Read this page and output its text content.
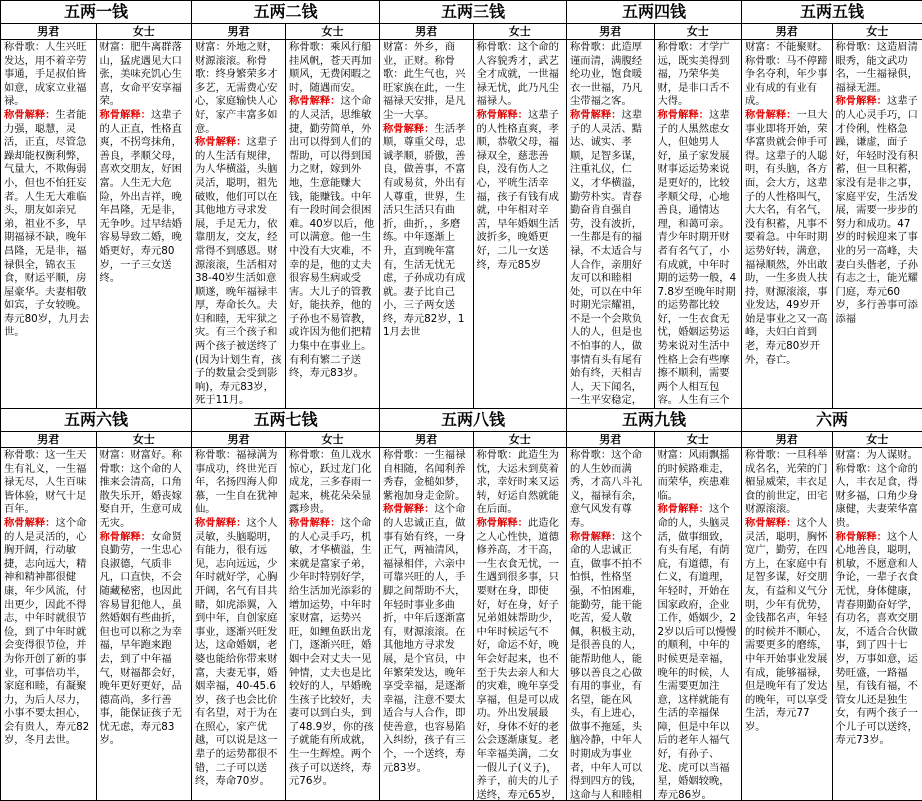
五两一钱
男君

称骨歌：人生兴旺发达，用不着辛劳事通，手足叔伯皆如意，成家立业福禄。

称骨解释：生者能力强，聪慧，灵活，正直，尽管急躁却能权衡利弊，气量大，不欺侮弱小，但也不怕狂妄者。人生无大难临头，朋友如亲兄弟，祖业不多，早期福禄不缺，晚年昌隆，无是非，福禄俱全，锦衣玉食，财运平顺，房屋豪华。夫妻相敬如宾，子女较晚。寿元80岁，九月去世。

女士

财富：肥牛离群落山，猛虎遇见大口张，美味充饥心生喜，女命平安享福荣。

称骨解释：这辈子的人正直，性格直爽，不拐弯抹角，善良，孝顺父母，喜欢交朋友，好困富。人生无大危险，外出吉祥，晚年昌隆，无是非，无争吵。过早结婚容易导致二婚，晚婚更好，寿元80岁，一子三女送终。

五两二钱
男君

财富：外地之财，财源滚滚。称骨歌：终身繁荣多才多艺，无需费心安心，家庭输快人心好，家产丰富多如意。

称骨解释：这辈子的人生活有规律，为人华横溢，头脑灵活，聪明，祖先破败，他们可以在其他地方寻求发展，手足无力，依靠朋友，交友，经常得不到感恩。财源滚滚，生活相对38-40岁生活如意顺遂，晚年福禄丰厚，寿命长久。夫妇和睦，无牢狱之灾。有三个孩子和两个孩子被送终了(因为计划生育，孩子的数量会受到影响)，寿元83岁，死于11月。

女士

称骨歌：乘风行船挂风帆，苍天再加顺风，无费闲暇之时，随遇而安。

称骨解释：这个命的人灵活，思维敏捷，勤劳简单，外出可以得到人们的帮助，可以得到国力之财，嫁到外地，生意能赚大钱，能赚钱。中年有一段时间会很困难。40岁以后，他可以满意。他一生中没有大灾难，不幸的是，他的丈夫很容易生病或受害。大儿子的管教好，能扶养，他的子孙也不易管教，或许因为他们把精力集中在事业上。有利有繁二子送终，寿元83岁。

五两三钱
男君

财富：外乡，商业，正财。称骨歌：此生气也，兴旺家族在此，一生福禄天安排，是凡尘一大享。

称骨解释：生活孝顺，尊重父母，忠诚孝顺，骄傲，善良，做善事，不富有或易贫，外出有人尊重，世界，生活只生活只有曲折，曲折，，多磨练。中年逐渐上升，直到晚年富有，生活无忧无虑，子孙成功有成就。妻子比自己小，三子两女送终，寿元82岁，11月去世

女士

称骨歌：这个命的人容貌秀才，武艺全才成就，一世福禄无忧，此乃凡尘福禄人。

称骨解释：这辈子的人性格直爽，孝顺，恭敬父母，福禄双全，慈悲善良，没有伤人之心，平咣生活幸福，孩子有钱有成就，中年相对辛苦，早年婚姻生活波折多，晚婚更好，二儿一女送终，寿元85岁

五两四钱
男君

称骨歌：此造厚谨而清，满腹经纶功业，饱食暖衣一世福，乃凡尘带福之客。

称骨解释：这辈子的人灵活、黠达、诚实、孝顺，足智多谋，注重礼仪，仁义，才华横溢，勤劳朴实。青春勤奋肯自强自劳，没有波折，一生都是有的福禄，不太适合与人合作，亲朋好友可以和睦相处，可以在中年时期光宗耀祖，不是一个会欺负人的人，但是也不怕事的人，做事情有头有尾有始有终，天相吉人，天下闻名，一生平安稳定，

女士

称骨歌：才学广远，既实美得到福，乃荣华美财，是非口舌不大得。

称骨解释：这辈子的人黑然虑女人，但她男人好，虽子家发展财事运运势来说是更好的，比较孝顺父母，心地善良，通情达理，和蔼可亲。青少年时期开财者有名气了，小有成就，中年时期的运势一般，47.8岁至晚年时期的运势都比较好，一生衣食无忧，婚姻运势运势来说对生活中性格上会有些摩擦不顺利，需要两个人相互包容。人生有三个

五两五钱
男君

财富：不能聚财。称骨歌：马不停蹄争名夺利，年少事业有成的有业有成。

称骨解释：一旦大事业即将开始，荣华富贵就会伸手可得。这辈子的人聪明，有头脑，各方面，会大方，这辈子的人性格叫气，大大名，有名气，没有积蓄，凡事不要着急。中年时期运势好转，满意，福禄顺然，外出敢助，一生多贵人扶持，财源滚滚，事业发达，49岁开始是事业之又一高峰，夫妇白首到老，寿元80岁开外，春亡。

女士

称骨歌：这造眉清眼秀，能文武功名，一生福禄俱，福禄无涯。

称骨解释：这辈子的人心灵手巧，口才伶俐，性格急躁，谦虚，面子好，年轻时没有积蓄，但一旦积蓄，家没有是非之事，家庭平安，生活发展，需要一步步的努力和成功。47岁的时候迎来了事业的另一高峰，夫妻白头偕老，子孙有志之士，能光耀门庭，寿元60岁，多行善事可添添福

五两六钱
男君

称骨歌：这一生天生有礼义，一生福禄无尽，人生百味皆体验，财气十足百年。

称骨解释：这个命的人是灵活的，心胸开阔，行动敏捷，志向远大，精神和精神都很健康，年少风流，付出更少，因此不得志，中年时就很节俭，到了中年时就会变得很节俭，并为你开创了新的事业，可事倍功半，家庭和睦，有凝聚力，为后人尽力，小事不要太担心，会有贵人，寿元82岁，冬月去世。

女士

财富：财富好。称骨歌：这个命的人推来会清高，口角散失乐开，婚丧嫁娶自开，生意可成无灾。

称骨解释：女命贤良勤劳，一生忠心良淑德，气质非凡，口直快，不会随藏秘密，也因此容易冒犯他人，虽然婚姻有些曲折，但也可以称之为幸福，早年跑来跑去，到了中年福气，财福都会好，晚年更好更好，品德高尚，多行善事，能保证孩子无忧无虑，寿元83岁。

五两七钱
男君

称骨歌：福禄满为事成功，终世光百年，名扬四海人仰慕，一生自在犹神仙。

称骨解释：这个人灵敏，头脑聪明，有能力，很有远见，志向远远，少年时就好学，心胸开阔，名气有目共睹，如虎添翼，入到中年，自创家庭事业，逐渐兴旺发达，这命婚姻，老婆也能给你带来财富，夫妻无事，婚姻幸福，40-45.6岁，孩子也会比价有名望，对于为在在照心，家产优越，可以说是这一辈子的运势都很不错，二子可以送终，寿命70岁。

女士

称骨歌：鱼儿戏水惊心，跃过龙门化成龙，三多春雨一起来，桃花朵朵显露珍贵。

称骨解释：这个命的人心灵手巧，机敏，才华横溢，生来就是富家子弟，少年时特别好学，给生活加光添彩的增加运势，中年时家财富，运势兴旺，如鲤鱼跃出龙门，逐渐兴旺，婚姻中会对丈夫一见钟情，丈夫也是比较好的人，早婚晚生孩子比较好，夫妻可以到白头，到了48.9岁，你的孩子就能有所成就，生一生辉煌。两个孩子可以送终，寿元76岁。

五两八钱
男君

称骨歌：一生福禄自相随，名闻利养秀春，金槌如梦，紫袍加身走金阶。

称骨解释：这个命的人忠诚正直，做事有始有终，一身正气，两袖清风，福禄相伴，六亲中可靠兴旺的人，手脚之间帮助不大，年轻时事业多曲折，中年后逐渐富有，财源滚滚。在其他地方寻求发展，是个官员，中年繁荣发达，晚年享受幸福，是逐渐幸福，注意不要太适合与人合作，即使善意，也容易陷入纠纷，孩子有三个，一个送终，寿元83岁。

女士

称骨歌：此造生为忱，大运未到莫着求，幸好时来又运转，好运自然就能在后面。

称骨解释：此造化之人心性快，道德修养高，才干高，一生衣食无忧，一生遇到很多事，只要财在身，即使好，好在身，好子兄弟姐妹帮助少，中年时候运气不好，命运不好，晚年会好起来，也不至于失去亲人和大的灾难，晚年享受享福，但是可以成功。外出发展最好，身体不好的老公会逐渐康复。老年幸福美满，二女一假儿子(义子)，养子，前夫的儿子送终，寿元65岁，

五两九钱
男君

称骨歌：这个命的人生妙而满秀，才高八斗礼义，福禄有余，意气风发有尊寿。

称骨解释：这个命的人忠诚正直，做事不拍不怕惧，性格坚强，不怕困难，能勤劳，能干能吃苦，爱人敬佩，积极主动，是很善良的人，能帮助他人，能够以善良之心做有用的事业，有名望，能在风头，有上进心，做事不拖延，头脑冷静，中年人时期成为事业者，中年人可以得到四方的钱，这命与人和睦相

女士

财富：风雨飘摇的时候路难走，而荣华，疾患难临。

称骨解释：这个命的人，头脑灵活，做事细致，有头有尾，有荫庇，有道德，有仁义，有道理，年轻时，开始在国家政府，企业工作，婚姻少，22岁以后可以慢慢的顺利，中年的时候更是幸福，晚年的时候，人生需要更加注意，这样就能有生活的幸福保障，但是中年以后的老年人福气好，有孙子、龙、虎可以当福星，婚姻较晚，寿元86岁。

六两
男君

称骨歌：一旦科举成名名，光荣的门楣显威荣，丰衣足食的前世定，田宅财源滚滚。

称骨解释：这个人灵活，聪明，胸怀宽广，勤劳，在四方上，在家庭中有足智多谋，好交朋友，有益和义气分明，少年有优势，金钱都名声，年轻的时候并不顺心，需要更多的磨练，中年开始事业发展有成，能够福禄，但是晚年有了发达的晚年，可以享受生活，寿元77岁。

女士

财富：为人谋财。称骨歌：这个命的人，丰衣足食，得财多福，口角少身康健，夫妻荣华富贵。

称骨解释：这个人心地善良，聪明，机敏，不愿意和人争论，一辈子衣食无忧，身体健康，青春期勤奋好学，有功名，喜欢交朋友，不适合合伙做事，到了四十七岁，万事如意，运势旺盛，一路福星，有钱有福，不管女儿还是独生女，有两个孩子一个儿子可以送终，寿元73岁。
